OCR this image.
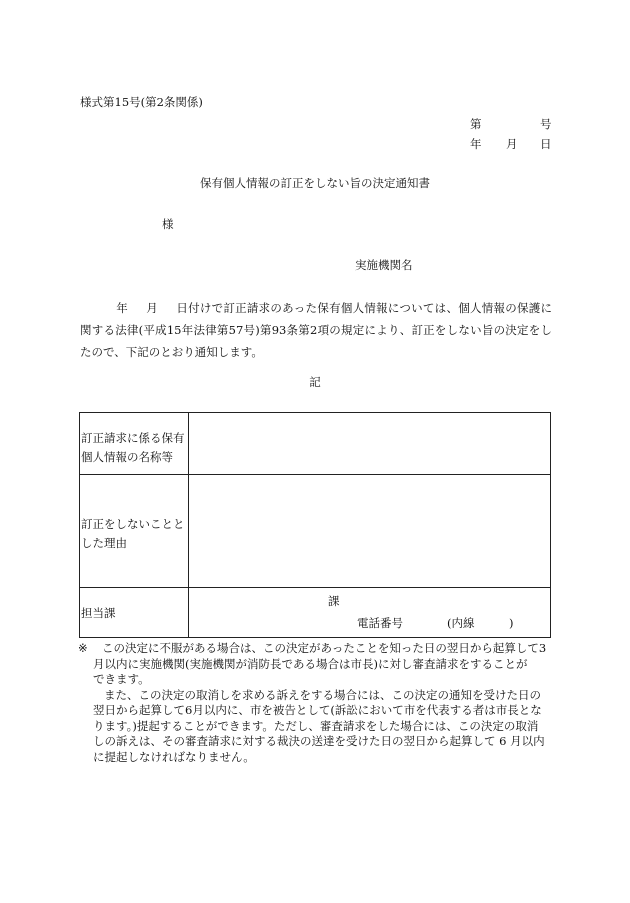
様式第15号(第2条関係)
第	号
年 月 日
保有個人情報の訂正をしない旨の決定通知書
様
実施機関名
年 月 日付けで訂正請求のあった保有個人情報については、個人情報の保護に関する法律(平成15年法律第57号)第93条第2項の規定により、訂正をしない旨の決定をしたので、下記のとおり通知します。
記
訂正請求に係る保有
個人情報の名称等
訂正をしないことと
した理由
担当課
課
電話番号	(内線	)
※	この決定に不服がある場合は、この決定があったことを知った日の翌日から起算して3
月以内に実施機関(実施機関が消防長である場合は市長)に対し審査請求をすることが
できます。

また、この決定の取消しを求める訴えをする場合には、この決定の通知を受けた日の
翌日から起算して6月以内に、市を被告として(訴訟において市を代表する者は市長とな
ります。)提起することができます。ただし、審査請求をした場合には、この決定の取消
しの訴えは、その審査請求に対する裁決の送達を受けた日の翌日から起算して 6 月以内
に提起しなければなりません。
